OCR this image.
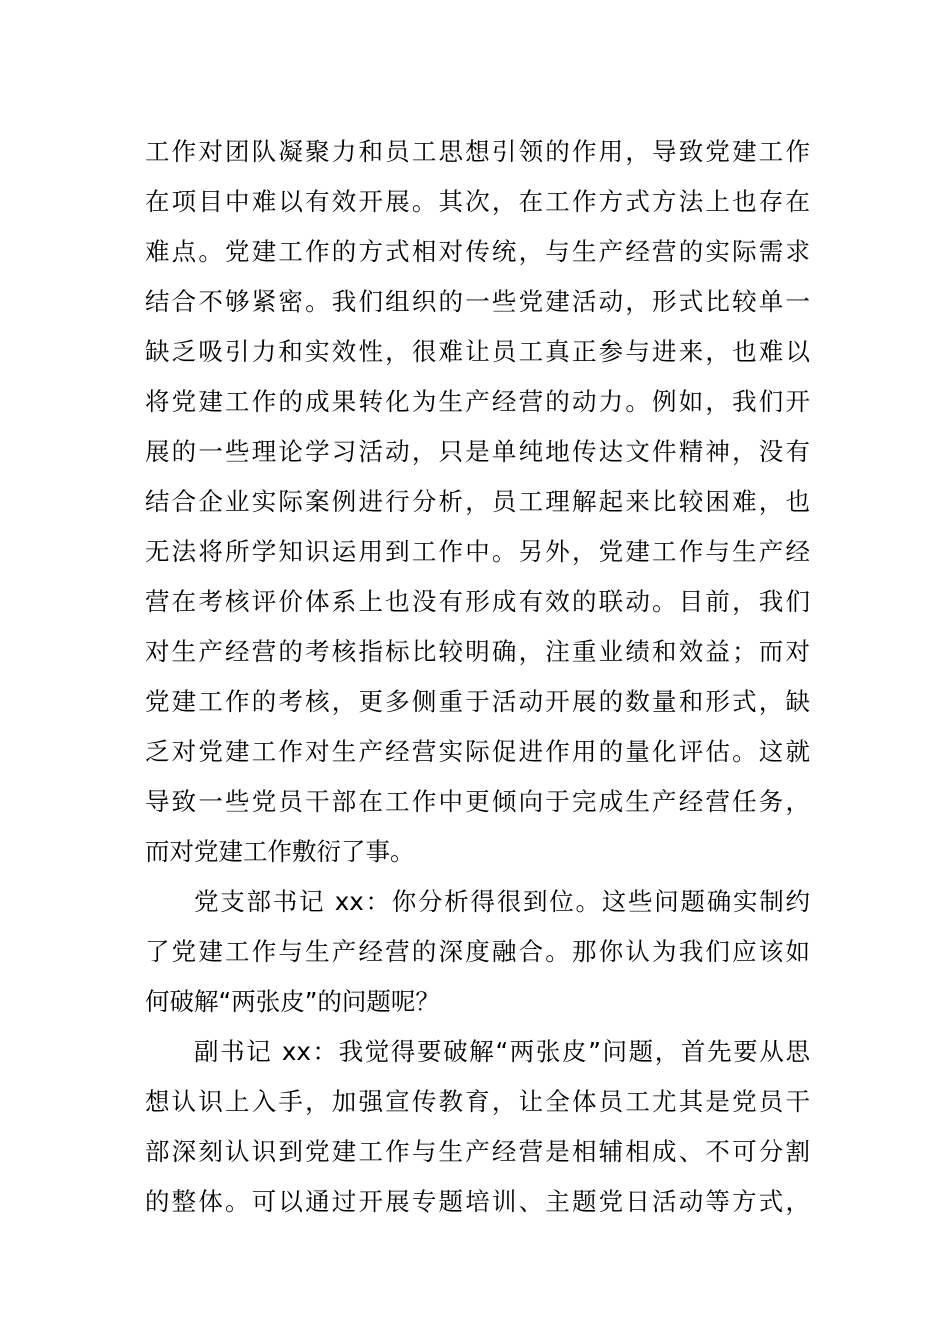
工作对团队凝聚力和员工思想引领的作用，导致党建工作
在项目中难以有效开展。其次，在工作方式方法上也存在
难点。党建工作的方式相对传统，与生产经营的实际需求
结合不够紧密。我们组织的一些党建活动，形式比较单一
缺乏吸引力和实效性，很难让员工真正参与进来，也难以
将党建工作的成果转化为生产经营的动力。例如，我们开
展的一些理论学习活动，只是单纯地传达文件精神，没有
结合企业实际案例进行分析，员工理解起来比较困难，也
无法将所学知识运用到工作中。另外，党建工作与生产经
营在考核评价体系上也没有形成有效的联动。目前，我们
对生产经营的考核指标比较明确，注重业绩和效益；而对
党建工作的考核，更多侧重于活动开展的数量和形式，缺
乏对党建工作对生产经营实际促进作用的量化评估。这就
导致一些党员干部在工作中更倾向于完成生产经营任务，
而对党建工作敷衍了事。
党支部书记 xx：你分析得很到位。这些问题确实制约
了党建工作与生产经营的深度融合。那你认为我们应该如
何破解“两张皮”的问题呢？
副书记 xx：我觉得要破解“两张皮”问题，首先要从思
想认识上入手，加强宣传教育，让全体员工尤其是党员干
部深刻认识到党建工作与生产经营是相辅相成、不可分割
的整体。可以通过开展专题培训、主题党日活动等方式，
